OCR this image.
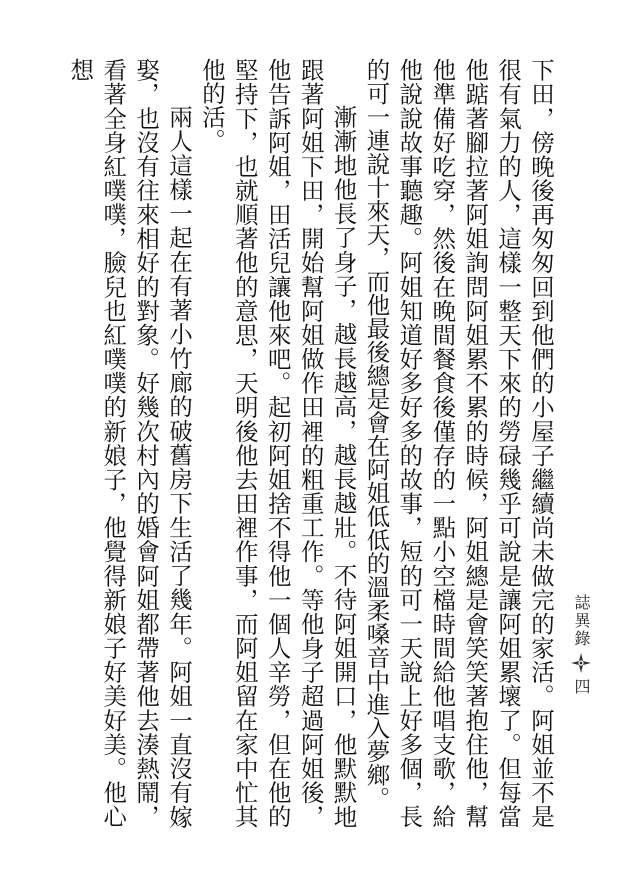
誌異錄
四

下田，傍晚後再匆匆回到他們的小屋子繼續尚未做完的家活。阿姐並不是很有氣力的人，這樣一整天下來的勞碌幾乎可說是讓阿姐累壞了。但每當他踮著腳拉著阿姐詢問阿姐累不累的時候，阿姐總是會笑笑著抱住他，幫他準備好吃穿，然後在晚間餐食後僅存的一點小空檔時間給他唱支歌，給他說說故事聽趣。阿姐知道好多好多的故事，短的可一天說上好多個，長的可一連說十來天，而他最後總是會在阿姐低低的溫柔嗓音中進入夢鄉。

漸漸地他長了身子，越長越高，越長越壯。不待阿姐開口，他默默地跟著阿姐下田，開始幫阿姐做作田裡的粗重工作。等他身子超過阿姐後，他告訴阿姐，田活兒讓他來吧。起初阿姐捨不得他一個人辛勞，但在他的堅持下，也就順著他的意思，天明後他去田裡作事，而阿姐留在家中忙其他的活。

兩人這樣一起在有著小竹廊的破舊房下生活了幾年。阿姐一直沒有嫁娶，也沒有往來相好的對象。好幾次村內的婚會阿姐都帶著他去湊熱鬧，看著全身紅噗噗，臉兒也紅噗噗的新娘子，他覺得新娘子好美好美。他心想
